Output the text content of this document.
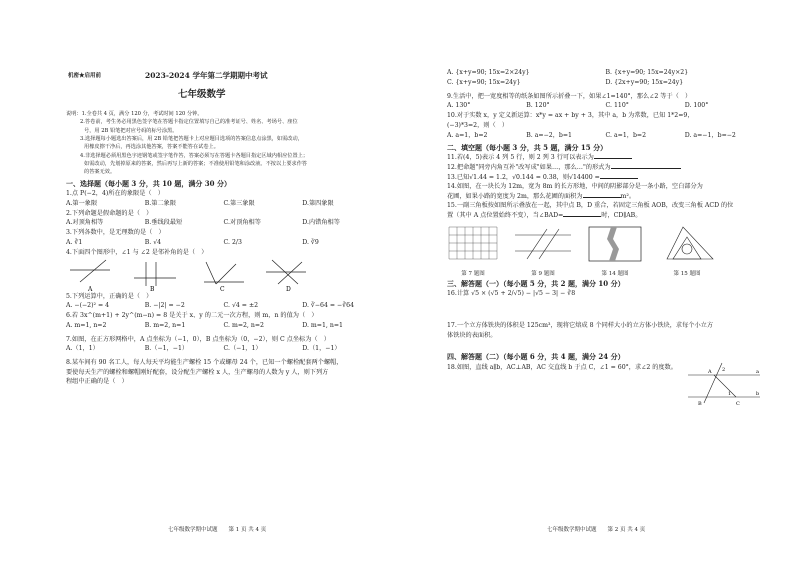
机密★启用前	2023-2024 学年第二学期期中考试
七年级数学
说明：1.全卷共 4 页，满分 120 分，考试时间 120 分钟。
2.答卷前，考生务必用黑色签字笔在答题卡指定位置填写自己的准考证号、姓名、考场号、座位
号，用 2B 铅笔把对应号码的标号涂黑。
3.选择题每小题选出答案后，用 2B 铅笔把答题卡上对应题目选项的答案信息点涂黑，如需改动，
用橡皮擦干净后，再选涂其他答案，答案不能答在试卷上。
4.非选择题必须用黑色字迹钢笔或签字笔作答，答案必须写在答题卡各题目指定区域内相应位置上；
如需改动，先划掉原来的答案，然后再写上新的答案；不准使用铅笔和涂改液。不按以上要求作答
的答案无效。
一、选择题（每小题 3 分，共 10 题，满分 30 分）
1.点 P(−2，4)所在的象限是（　）
A.第一象限	B.第二象限	C.第三象限	D.第四象限
2.下列命题是假命题的是（　）
A.对顶角相等	B.垂线段最短	C.对顶角相等	D.内错角相等
3.下列各数中，是无理数的是（　）
A. ∛1	B. √4	C. 2/3	D. ∛9
4.下面四个图形中，∠1 与 ∠2 是邻补角的是（　）
A	B	C	D
5.下列运算中，正确的是（　）
A. −(−2)² = 4	B. −|2| = −2	C. √4 = ±2	D. ∛−64 = −∛64
6.若 3x^(m+1) + 2y^(m−n) = 8 是关于 x、y 的二元一次方程，则 m，n 的值为（　）
A. m=1, n=2	B. m=2, n=1	C. m=2, n=2	D. m=1, n=1
7.如图，在正方形网格中，A 点坐标为（−1，0），B 点坐标为（0，−2），则 C 点坐标为（　）
A.（1，1）	B.（−1，−1）	C.（−1，1）	D.（1，−1）
8.某车间有 90 名工人，每人每天平均能生产螺栓 15 个或螺母 24 个，已知一个螺栓配套两个螺帽，
要使每天生产的螺栓和螺帽刚好配套，设分配生产螺栓 x 人，生产螺母的人数为 y 人，则下列方
程组中正确的是（　）
七年级数学期中试题　　第 1 页 共 4 页
A. {x+y=90; 15x=2×24y}	B. {x+y=90; 15x=24y×2}
C. {x+y=90; 15x=24y}	D. {2x+y=90; 15x=24y}
9.生活中，把一宽度相等的纸条如图所示折叠一下，如果∠1=140°，那么∠2 等于（　）
A. 130°	B. 120°	C. 110°	D. 100°
10.对于实数 x，y 定义新运算：x*y = ax + by + 3，其中 a，b 为常数，已知 1*2=9，
(−3)*3=2，则（　）
A. a=1，b=2	B. a=−2，b=1	C. a=1，b=2	D. a=−1，b=−2
二、填空题（每小题 3 分，共 5 题，满分 15 分）
11.若(4，5)表示 4 列 5 行，则 2 列 3 行可以表示为
12.把命题"同旁内角互补"改写成"如果…，那么…"的形式为
13.已知√1.44 = 1.2，√0.144 = 0.38，则√14400 =
14.如图，在一块长为 12m，宽为 8m 的长方形地，中间的阴影部分是一条小路，空白部分为
花圃，如果小路的宽度为 2m，那么花圃的面积为	m²。
15.一副三角板按如图所示叠放在一起，其中点 B，D 重合，若固定三角板 AOB，改变三角板 ACD 的位
置（其中 A 点位置始终不变），当∠BAD=	时，CD∥AB。
第 7 题图	第 9 题图	第 14 题图	第 15 题图
三、解答题（一）（每小题 5 分，共 2 题，满分 10 分）
16.计算 √5 × (√5 + 2/√5) − |√5 − 3| − ∛8
17.一个立方体铁块的体积是 125cm³，现将它熔成 8 个同样大小的立方体小铁块，求每个小立方
体铁块的表面积。
四、解答题（二）（每小题 6 分，共 4 题，满分 24 分）
18.如图，直线 a∥b，AC⊥AB，AC 交直线 b 于点 C，∠1 = 60°，求∠2 的度数。
A
B	C
a
b
1
2
七年级数学期中试题　　第 2 页 共 4 页
